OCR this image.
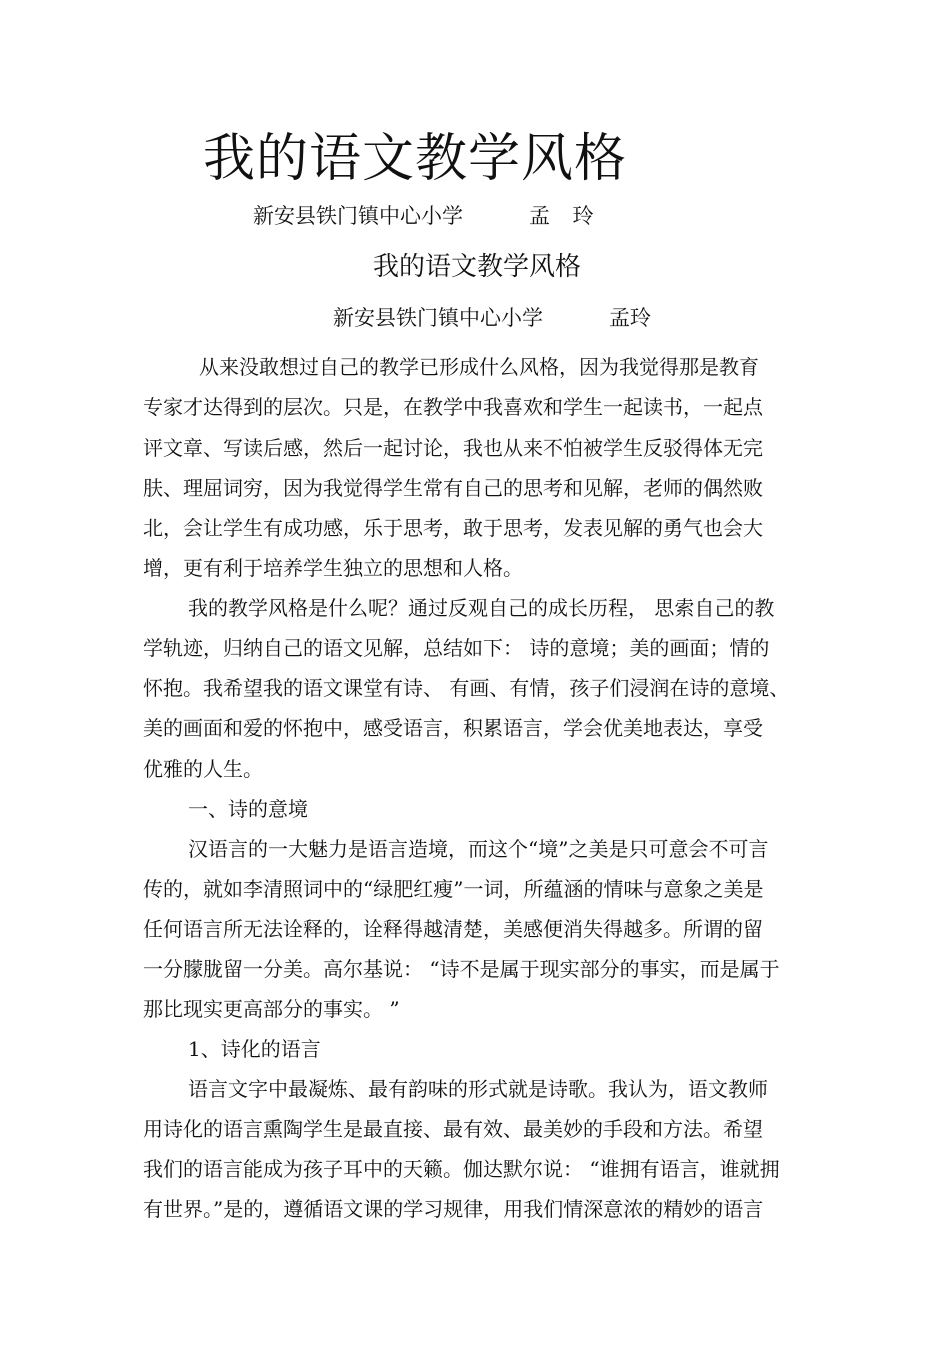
我的语文教学风格
新安县铁门镇中心小学	孟 玲
我的语文教学风格
新安县铁门镇中心小学	孟玲
从来没敢想过自己的教学已形成什么风格，因为我觉得那是教育
专家才达得到的层次。只是，在教学中我喜欢和学生一起读书，一起点
评文章、写读后感，然后一起讨论，我也从来不怕被学生反驳得体无完
肤、理屈词穷，因为我觉得学生常有自己的思考和见解，老师的偶然败
北，会让学生有成功感，乐于思考，敢于思考，发表见解的勇气也会大
增，更有利于培养学生独立的思想和人格。
我的教学风格是什么呢？通过反观自己的成长历程， 思索自己的教
学轨迹，归纳自己的语文见解，总结如下： 诗的意境；美的画面；情的
怀抱。我希望我的语文课堂有诗、 有画、有情，孩子们浸润在诗的意境、
美的画面和爱的怀抱中，感受语言，积累语言，学会优美地表达，享受
优雅的人生。
一、诗的意境
汉语言的一大魅力是语言造境，而这个“境”之美是只可意会不可言
传的，就如李清照词中的“绿肥红瘦”一词，所蕴涵的情味与意象之美是
任何语言所无法诠释的，诠释得越清楚，美感便消失得越多。所谓的留
一分朦胧留一分美。高尔基说： “诗不是属于现实部分的事实，而是属于
那比现实更高部分的事实。 ”
1、诗化的语言
语言文字中最凝炼、最有韵味的形式就是诗歌。我认为，语文教师
用诗化的语言熏陶学生是最直接、最有效、最美妙的手段和方法。希望
我们的语言能成为孩子耳中的天籁。伽达默尔说： “谁拥有语言，谁就拥
有世界。”是的，遵循语文课的学习规律，用我们情深意浓的精妙的语言
